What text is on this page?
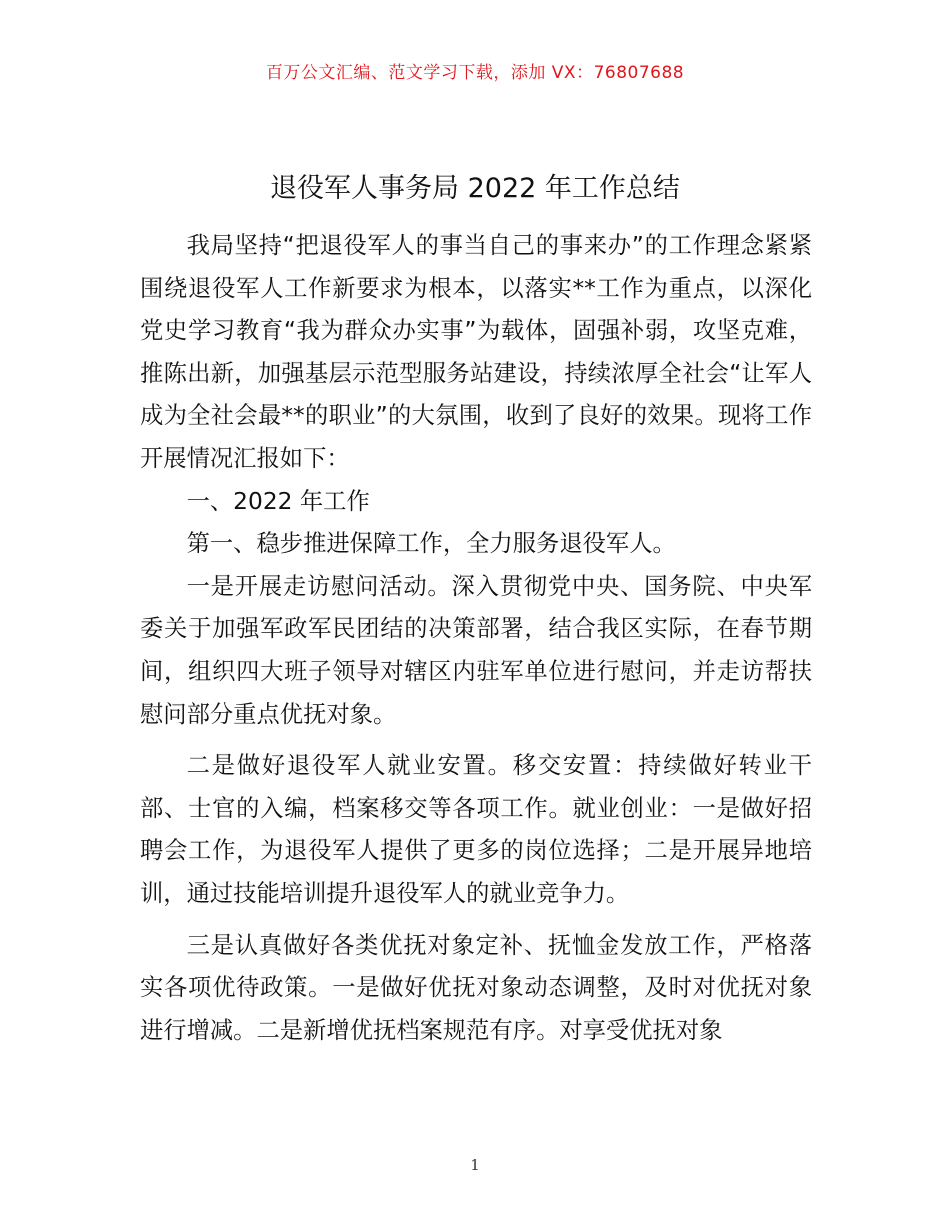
百万公文汇编、范文学习下载，添加 VX：76807688
退役军人事务局 2022 年工作总结

我局坚持“把退役军人的事当自己的事来办”的工作理念紧紧围绕退役军人工作新要求为根本，以落实**工作为重点，以深化党史学习教育“我为群众办实事”为载体，固强补弱，攻坚克难，推陈出新，加强基层示范型服务站建设，持续浓厚全社会“让军人成为全社会最**的职业”的大氛围，收到了良好的效果。现将工作开展情况汇报如下：

一、2022 年工作

第一、稳步推进保障工作，全力服务退役军人。

一是开展走访慰问活动。深入贯彻党中央、国务院、中央军委关于加强军政军民团结的决策部署，结合我区实际，在春节期间，组织四大班子领导对辖区内驻军单位进行慰问，并走访帮扶慰问部分重点优抚对象。

二是做好退役军人就业安置。移交安置：持续做好转业干部、士官的入编，档案移交等各项工作。就业创业：一是做好招聘会工作，为退役军人提供了更多的岗位选择；二是开展异地培训，通过技能培训提升退役军人的就业竞争力。

三是认真做好各类优抚对象定补、抚恤金发放工作，严格落实各项优待政策。一是做好优抚对象动态调整，及时对优抚对象进行增减。二是新增优抚档案规范有序。对享受优抚对象

1
